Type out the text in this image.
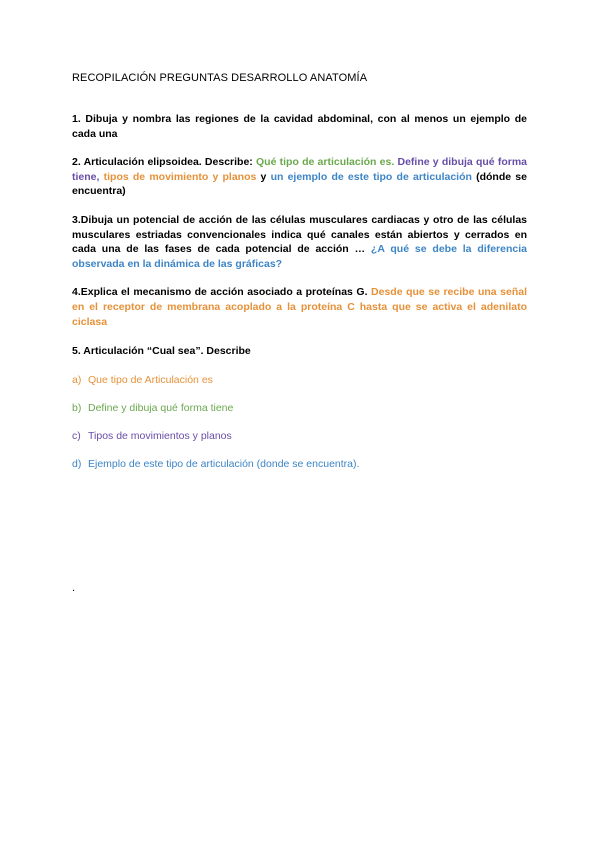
RECOPILACIÓN PREGUNTAS DESARROLLO ANATOMÍA

1. Dibuja y nombra las regiones de la cavidad abdominal, con al menos un ejemplo de cada una

2. Articulación elipsoidea. Describe: Qué tipo de articulación es. Define y dibuja qué forma tiene, tipos de movimiento y planos y un ejemplo de este tipo de articulación (dónde se encuentra)

3.Dibuja un potencial de acción de las células musculares cardiacas y otro de las células musculares estriadas convencionales indica qué canales están abiertos y cerrados en cada una de las fases de cada potencial de acción … ¿A qué se debe la diferencia observada en la dinámica de las gráficas?

4.Explica el mecanismo de acción asociado a proteínas G. Desde que se recibe una señal en el receptor de membrana acoplado a la proteína C hasta que se activa el adenilato ciclasa

5. Articulación “Cual sea”. Describe

a) Que tipo de Articulación es
b) Define y dibuja qué forma tiene
c) Tipos de movimientos y planos
d) Ejemplo de este tipo de articulación (donde se encuentra).
.
